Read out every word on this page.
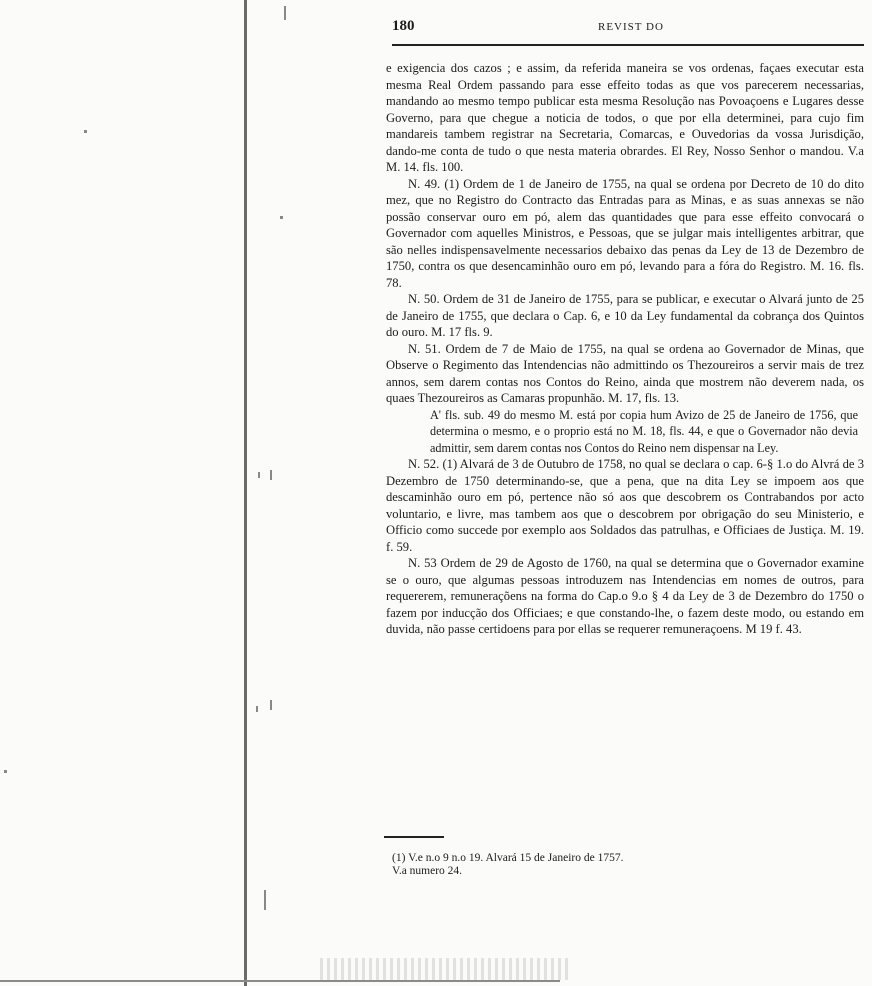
180	REVIST DO

e exigencia dos cazos ; e assim, da referida maneira se vos ordenas, façaes executar esta mesma Real Ordem passando para esse effeito todas as que vos parecerem necessarias, mandando ao mesmo tempo publicar esta mesma Resolução nas Povoaçoens e Lugares desse Governo, para que chegue a noticia de todos, o que por ella determinei, para cujo fim mandareis tambem registrar na Secretaria, Comarcas, e Ouvedorias da vossa Jurisdição, dando-me conta de tudo o que nesta materia obrardes. El Rey, Nosso Senhor o mandou. V.a M. 14. fls. 100.

N. 49. (1) Ordem de 1 de Janeiro de 1755, na qual se ordena por Decreto de 10 do dito mez, que no Registro do Contracto das Entradas para as Minas, e as suas annexas se não possão conservar ouro em pó, alem das quantidades que para esse effeito convocará o Governador com aquelles Ministros, e Pessoas, que se julgar mais intelligentes arbitrar, que são nelles indispensavelmente necessarios debaixo das penas da Ley de 13 de Dezembro de 1750, contra os que desencaminhão ouro em pó, levando para a fóra do Registro. M. 16. fls. 78.

N. 50. Ordem de 31 de Janeiro de 1755, para se publicar, e executar o Alvará junto de 25 de Janeiro de 1755, que declara o Cap. 6, e 10 da Ley fundamental da cobrança dos Quintos do ouro. M. 17 fls. 9.

N. 51. Ordem de 7 de Maio de 1755, na qual se ordena ao Governador de Minas, que Observe o Regimento das Intendencias não admittindo os Thezoureiros a servir mais de trez annos, sem darem contas nos Contos do Reino, ainda que mostrem não deverem nada, os quaes Thezoureiros as Camaras propunhão. M. 17, fls. 13.

A' fls. sub. 49 do mesmo M. está por copia hum Avizo de 25 de Janeiro de 1756, que determina o mesmo, e o proprio está no M. 18, fls. 44, e que o Governador não devia admittir, sem darem contas nos Contos do Reino nem dispensar na Ley.

N. 52. (1) Alvará de 3 de Outubro de 1758, no qual se declara o cap. 6-§ 1.o do Alvrá de 3 Dezembro de 1750 determinando-se, que a pena, que na dita Ley se impoem aos que descaminhão ouro em pó, pertence não só aos que descobrem os Contrabandos por acto voluntario, e livre, mas tambem aos que o descobrem por obrigação do seu Ministerio, e Officio como succede por exemplo aos Soldados das patrulhas, e Officiaes de Justiça. M. 19. f. 59.

N. 53 Ordem de 29 de Agosto de 1760, na qual se determina que o Governador examine se o ouro, que algumas pessoas introduzem nas Intendencias em nomes de outros, para requererem, remuneraçõens na forma do Cap.o 9.o § 4 da Ley de 3 de Dezembro do 1750 o fazem por inducção dos Officiaes; e que constando-lhe, o fazem deste modo, ou estando em duvida, não passe certidoens para por ellas se requerer remuneraçoens. M 19 f. 43.

(1) V.e n.o 9 n.o 19. Alvará 15 de Janeiro de 1757.
V.a numero 24.
